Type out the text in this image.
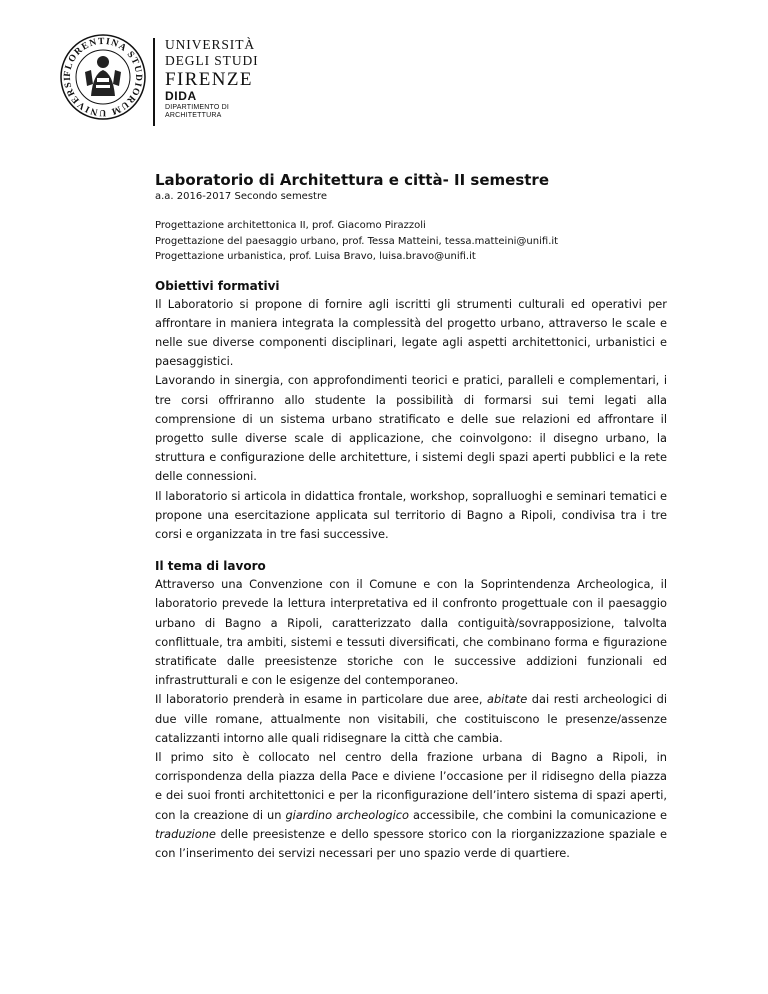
FLORENTINA STUDIORUM UNIVERSI
UNIVERSITÀ
DEGLI STUDI
FIRENZE
DIDA
DIPARTIMENTO DI
ARCHITETTURA
Laboratorio di Architettura e città- II semestre

a.a. 2016-2017 Secondo semestre

Progettazione architettonica II, prof. Giacomo Pirazzoli
Progettazione del paesaggio urbano, prof. Tessa Matteini, tessa.matteini@unifi.it
Progettazione urbanistica, prof. Luisa Bravo, luisa.bravo@unifi.it
Obiettivi formativi

Il Laboratorio si propone di fornire agli iscritti gli strumenti culturali ed operativi per affrontare in maniera integrata la complessità del progetto urbano, attraverso le scale e nelle sue diverse componenti disciplinari, legate agli aspetti architettonici, urbanistici e paesaggistici.

Lavorando in sinergia, con approfondimenti teorici e pratici, paralleli e complementari, i tre corsi offriranno allo studente la possibilità di formarsi sui temi legati alla comprensione di un sistema urbano stratificato e delle sue relazioni ed affrontare il progetto sulle diverse scale di applicazione, che coinvolgono: il disegno urbano, la struttura e configurazione delle architetture, i sistemi degli spazi aperti pubblici e la rete delle connessioni.

Il laboratorio si articola in didattica frontale, workshop, sopralluoghi e seminari tematici e propone una esercitazione applicata sul territorio di Bagno a Ripoli, condivisa tra i tre corsi e organizzata in tre fasi successive.

Il tema di lavoro

Attraverso una Convenzione con il Comune e con la Soprintendenza Archeologica, il laboratorio prevede la lettura interpretativa ed il confronto progettuale con il paesaggio urbano di Bagno a Ripoli, caratterizzato dalla contiguità/sovrapposizione, talvolta conflittuale, tra ambiti, sistemi e tessuti diversificati, che combinano forma e figurazione stratificate dalle preesistenze storiche con le successive addizioni funzionali ed infrastrutturali e con le esigenze del contemporaneo.

Il laboratorio prenderà in esame in particolare due aree, abitate dai resti archeologici di due ville romane, attualmente non visitabili, che costituiscono le presenze/assenze catalizzanti intorno alle quali ridisegnare la città che cambia.

Il primo sito è collocato nel centro della frazione urbana di Bagno a Ripoli, in corrispondenza della piazza della Pace e diviene l’occasione per il ridisegno della piazza e dei suoi fronti architettonici e per la riconfigurazione dell’intero sistema di spazi aperti, con la creazione di un giardino archeologico accessibile, che combini la comunicazione e traduzione delle preesistenze e dello spessore storico con la riorganizzazione spaziale e con l’inserimento dei servizi necessari per uno spazio verde di quartiere.
